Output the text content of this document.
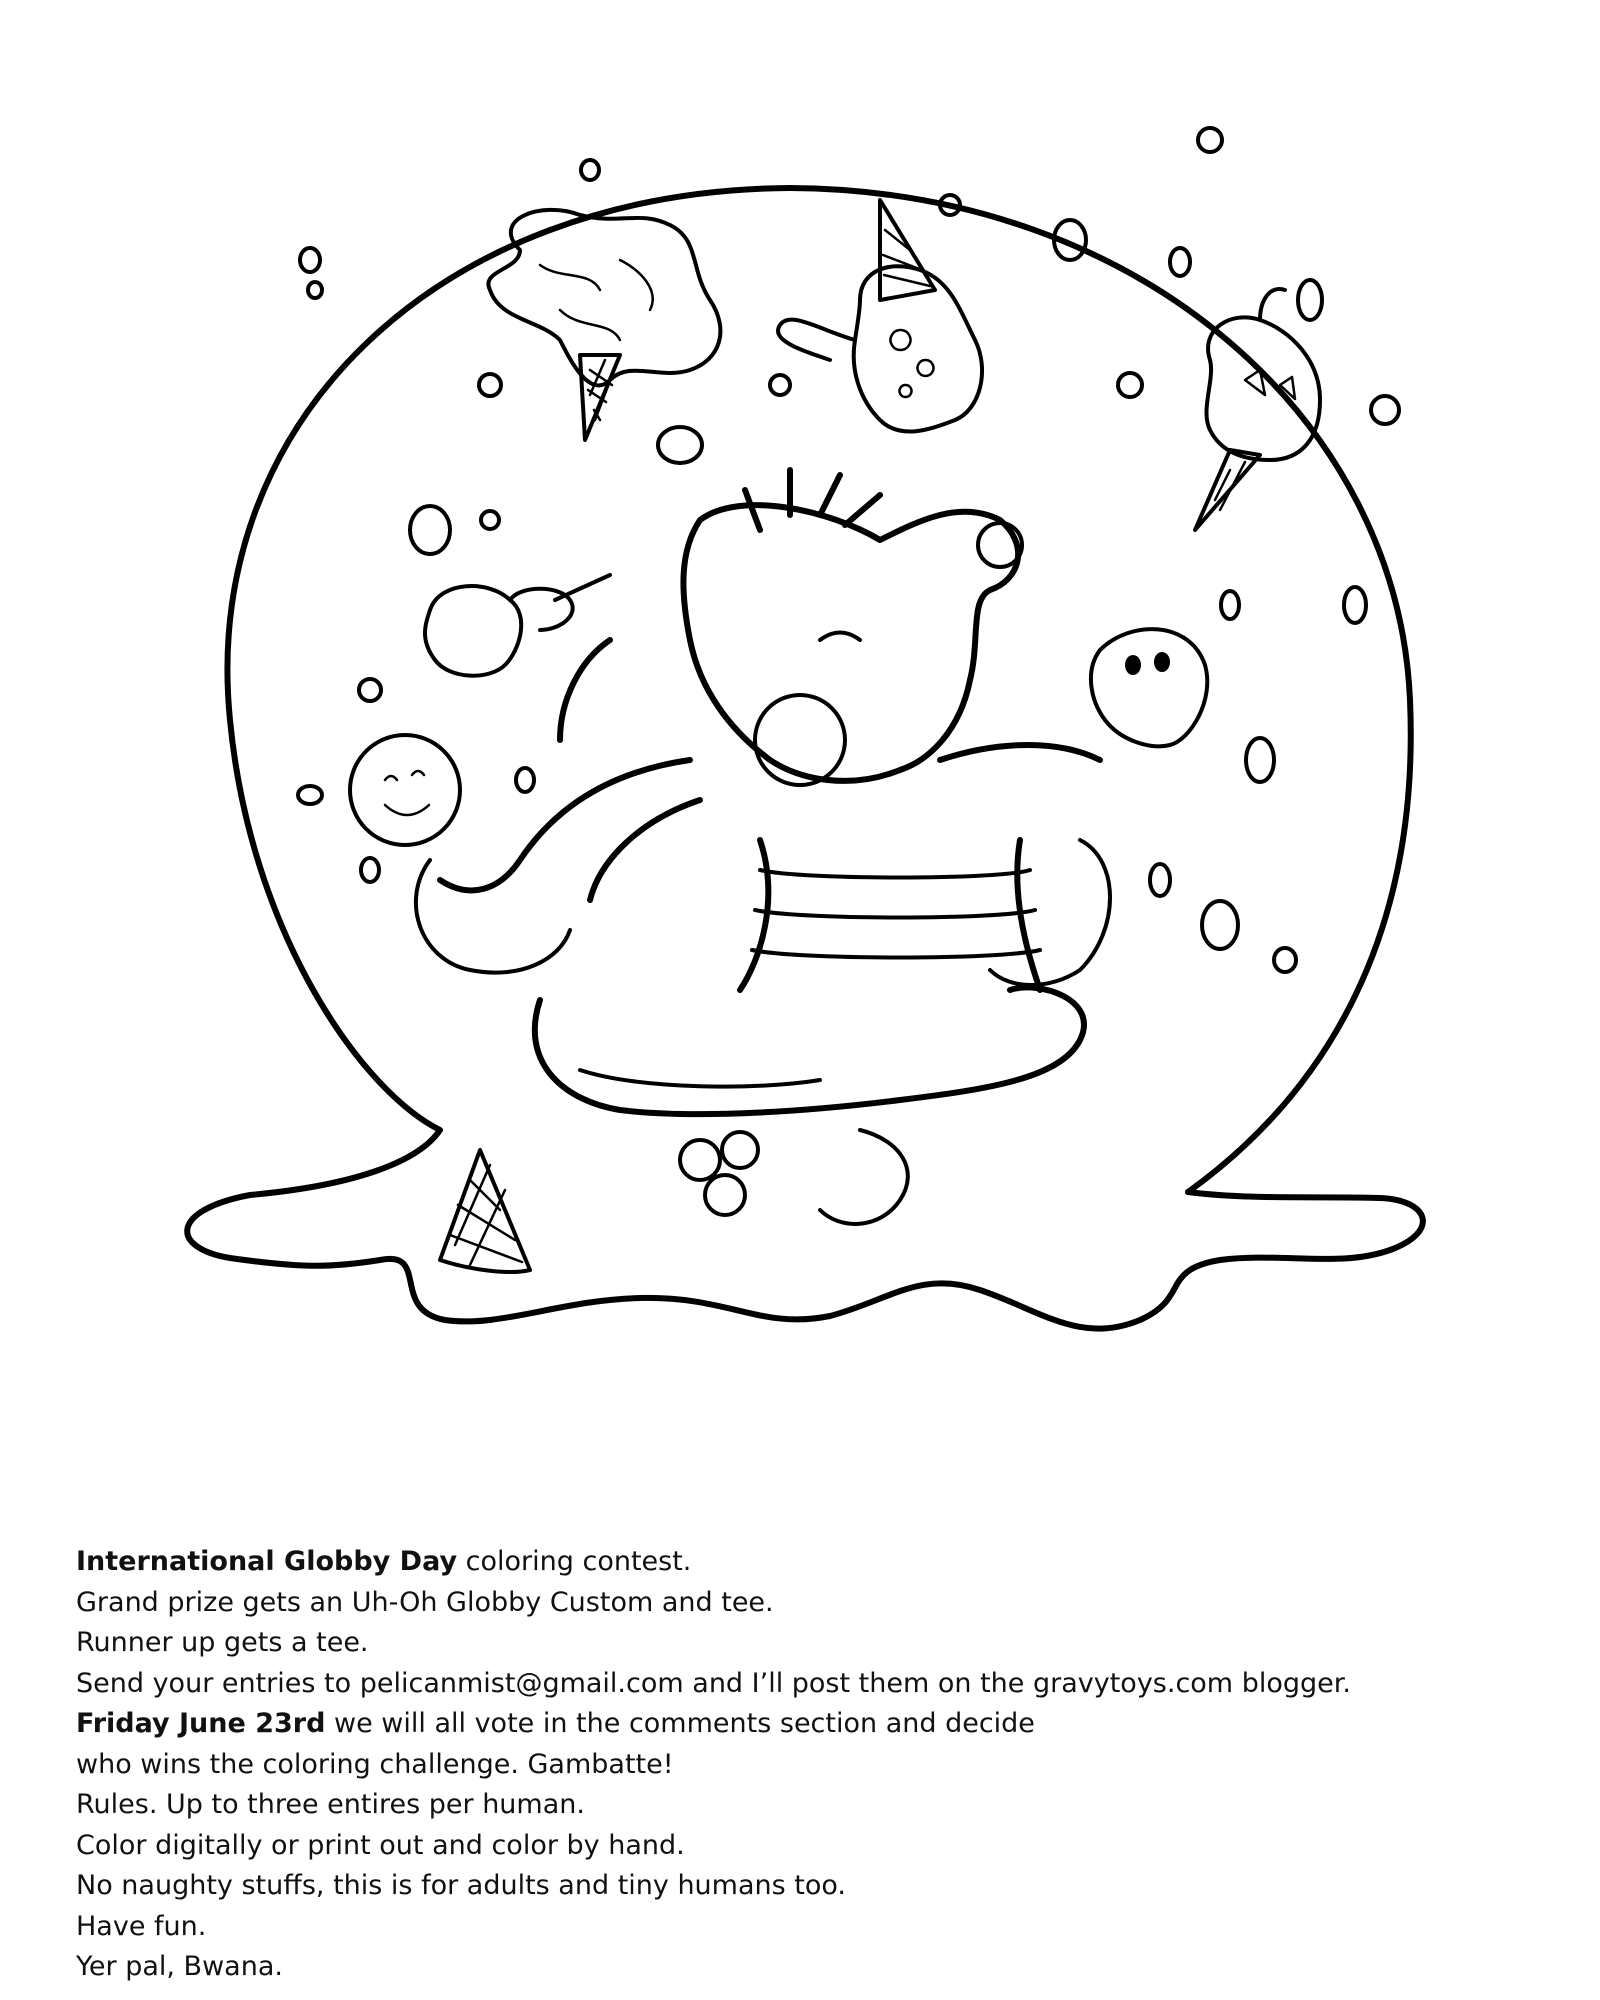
International Globby Day coloring contest.
Grand prize gets an Uh-Oh Globby Custom and tee.
Runner up gets a tee.
Send your entries to pelicanmist@gmail.com and I’ll post them on the gravytoys.com blogger.
Friday June 23rd we will all vote in the comments section and decide
who wins the coloring challenge. Gambatte!
Rules. Up to three entires per human.
Color digitally or print out and color by hand.
No naughty stuffs, this is for adults and tiny humans too.
Have fun.
Yer pal, Bwana.
